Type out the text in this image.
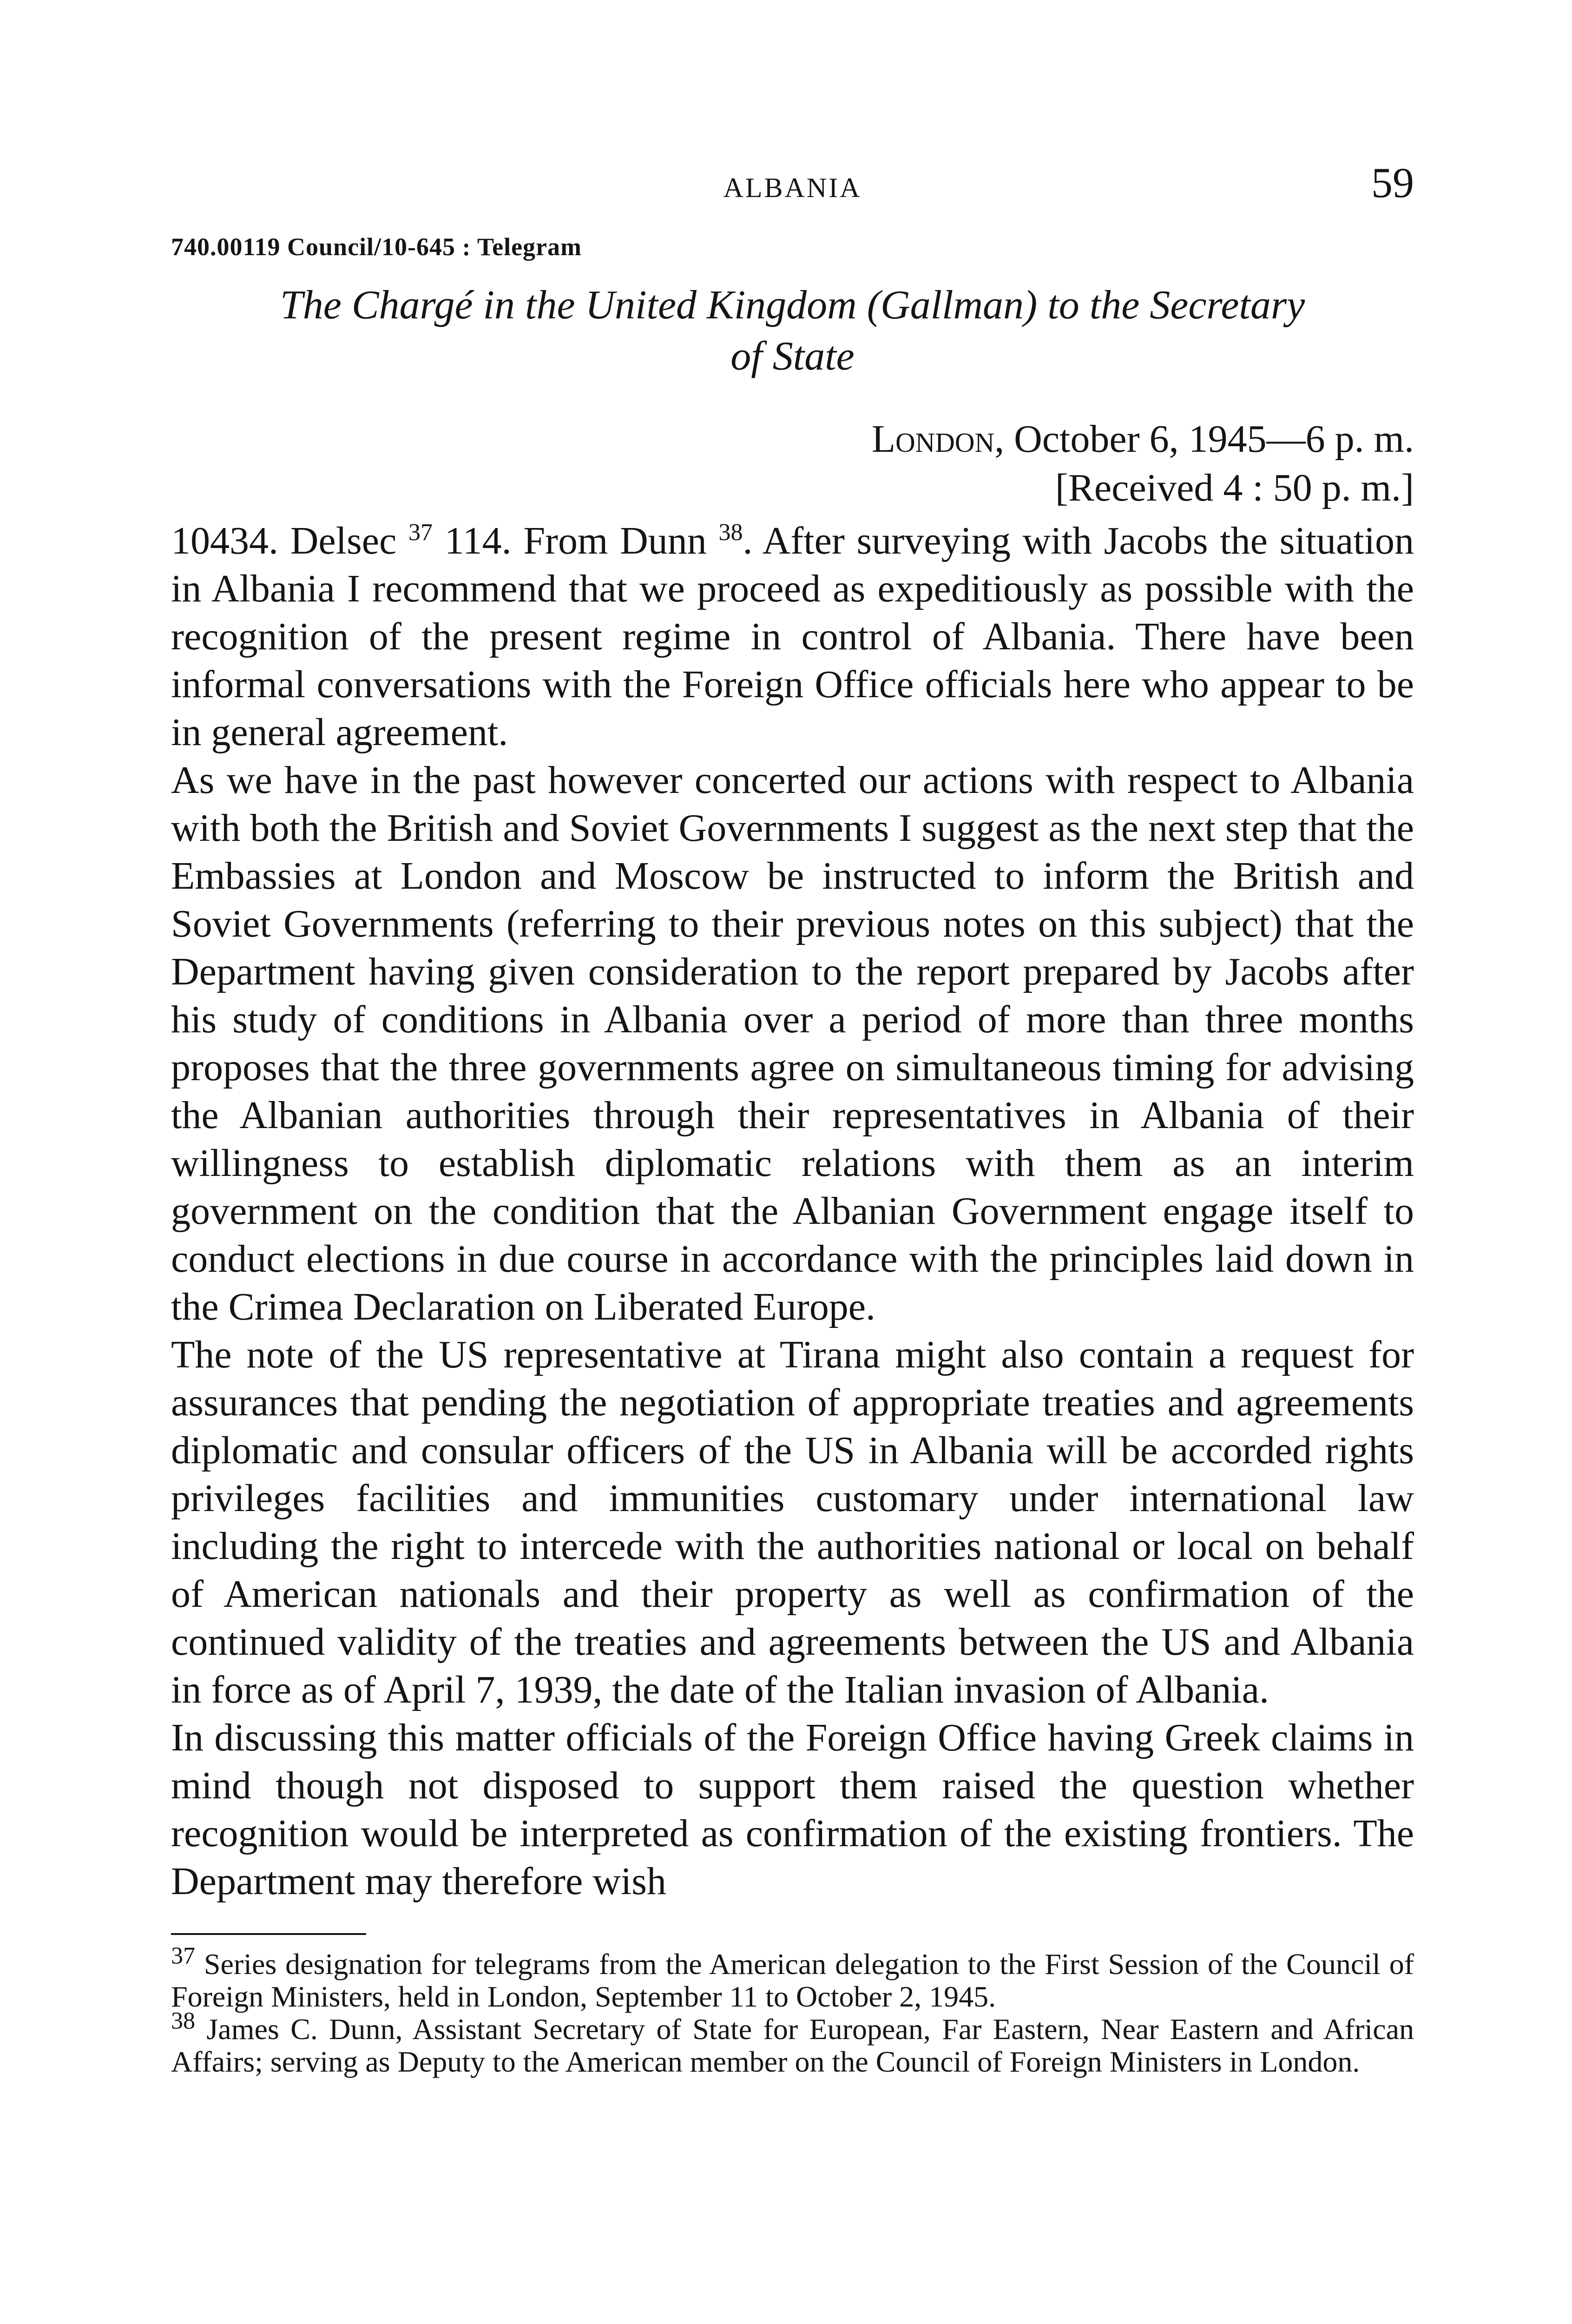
ALBANIA	59
740.00119 Council/10-645 : Telegram
The Chargé in the United Kingdom (Gallman) to the Secretary
of State
London, October 6, 1945—6 p. m.
[Received 4 : 50 p. m.]

10434. Delsec $^{37}$ 114. From Dunn $^{38}$. After surveying with Jacobs the situation in Albania I recommend that we proceed as expeditiously as possible with the recognition of the present regime in control of Albania. There have been informal conversations with the Foreign Office officials here who appear to be in general agreement.

As we have in the past however concerted our actions with respect to Albania with both the British and Soviet Governments I suggest as the next step that the Embassies at London and Moscow be instructed to inform the British and Soviet Governments (referring to their previous notes on this subject) that the Department having given consideration to the report prepared by Jacobs after his study of conditions in Albania over a period of more than three months proposes that the three governments agree on simultaneous timing for advising the Albanian authorities through their representatives in Albania of their willingness to establish diplomatic relations with them as an interim government on the condition that the Albanian Government engage itself to conduct elections in due course in accordance with the principles laid down in the Crimea Declaration on Liberated Europe.

The note of the US representative at Tirana might also contain a request for assurances that pending the negotiation of appropriate treaties and agreements diplomatic and consular officers of the US in Albania will be accorded rights privileges facilities and immunities customary under international law including the right to intercede with the authorities national or local on behalf of American nationals and their property as well as confirmation of the continued validity of the treaties and agreements between the US and Albania in force as of April 7, 1939, the date of the Italian invasion of Albania.

In discussing this matter officials of the Foreign Office having Greek claims in mind though not disposed to support them raised the question whether recognition would be interpreted as confirmation of the existing frontiers. The Department may therefore wish

$^{37}$ Series designation for telegrams from the American delegation to the First Session of the Council of Foreign Ministers, held in London, September 11 to October 2, 1945.

$^{38}$ James C. Dunn, Assistant Secretary of State for European, Far Eastern, Near Eastern and African Affairs; serving as Deputy to the American member on the Council of Foreign Ministers in London.
